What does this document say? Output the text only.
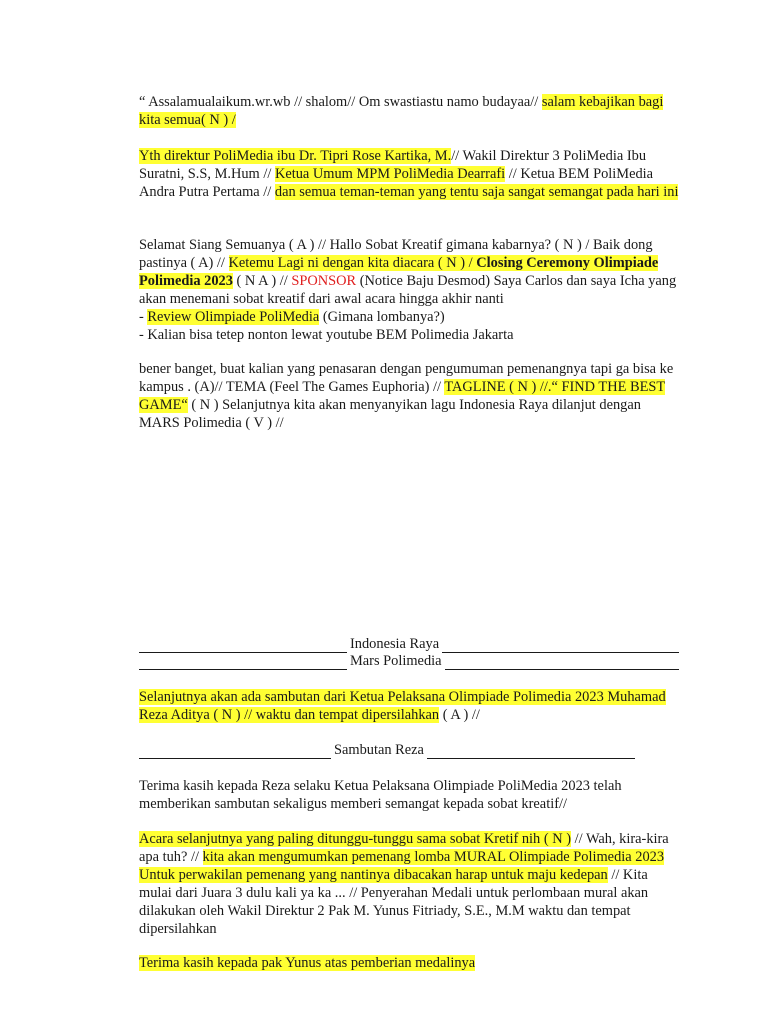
“ Assalamualaikum.wr.wb // shalom// Om swastiastu namo budayaa// salam kebajikan bagi kita semua( N ) /

Yth direktur PoliMedia ibu Dr. Tipri Rose Kartika, M.// Wakil Direktur 3 PoliMedia Ibu Suratni, S.S, M.Hum // Ketua Umum MPM PoliMedia Dearrafi // Ketua BEM PoliMedia Andra Putra Pertama // dan semua teman-teman yang tentu saja sangat semangat pada hari ini

Selamat Siang Semuanya ( A ) // Hallo Sobat Kreatif gimana kabarnya? ( N ) / Baik dong pastinya ( A) // Ketemu Lagi ni dengan kita diacara ( N ) / Closing Ceremony Olimpiade Polimedia 2023 ( N A ) // SPONSOR (Notice Baju Desmod) Saya Carlos dan saya Icha yang akan menemani sobat kreatif dari awal acara hingga akhir nanti
- Review Olimpiade PoliMedia (Gimana lombanya?)
- Kalian bisa tetep nonton lewat youtube BEM Polimedia Jakarta

bener banget, buat kalian yang penasaran dengan pengumuman pemenangnya tapi ga bisa ke kampus . (A)// TEMA (Feel The Games Euphoria) // TAGLINE ( N ) //.“ FIND THE BEST GAME“ ( N ) Selanjutnya kita akan menyanyikan lagu Indonesia Raya dilanjut dengan MARS Polimedia ( V ) //

Indonesia Raya
Mars Polimedia

Selanjutnya akan ada sambutan dari Ketua Pelaksana Olimpiade Polimedia 2023 Muhamad Reza Aditya ( N ) // waktu dan tempat dipersilahkan ( A ) //

Sambutan Reza

Terima kasih kepada Reza selaku Ketua Pelaksana Olimpiade PoliMedia 2023 telah memberikan sambutan sekaligus memberi semangat kepada sobat kreatif//

Acara selanjutnya yang paling ditunggu-tunggu sama sobat Kretif nih ( N ) // Wah, kira-kira apa tuh? // kita akan mengumumkan pemenang lomba MURAL Olimpiade Polimedia 2023 Untuk perwakilan pemenang yang nantinya dibacakan harap untuk maju kedepan // Kita mulai dari Juara 3 dulu kali ya ka ... // Penyerahan Medali untuk perlombaan mural akan dilakukan oleh Wakil Direktur 2 Pak M. Yunus Fitriady, S.E., M.M waktu dan tempat dipersilahkan

Terima kasih kepada pak Yunus atas pemberian medalinya
